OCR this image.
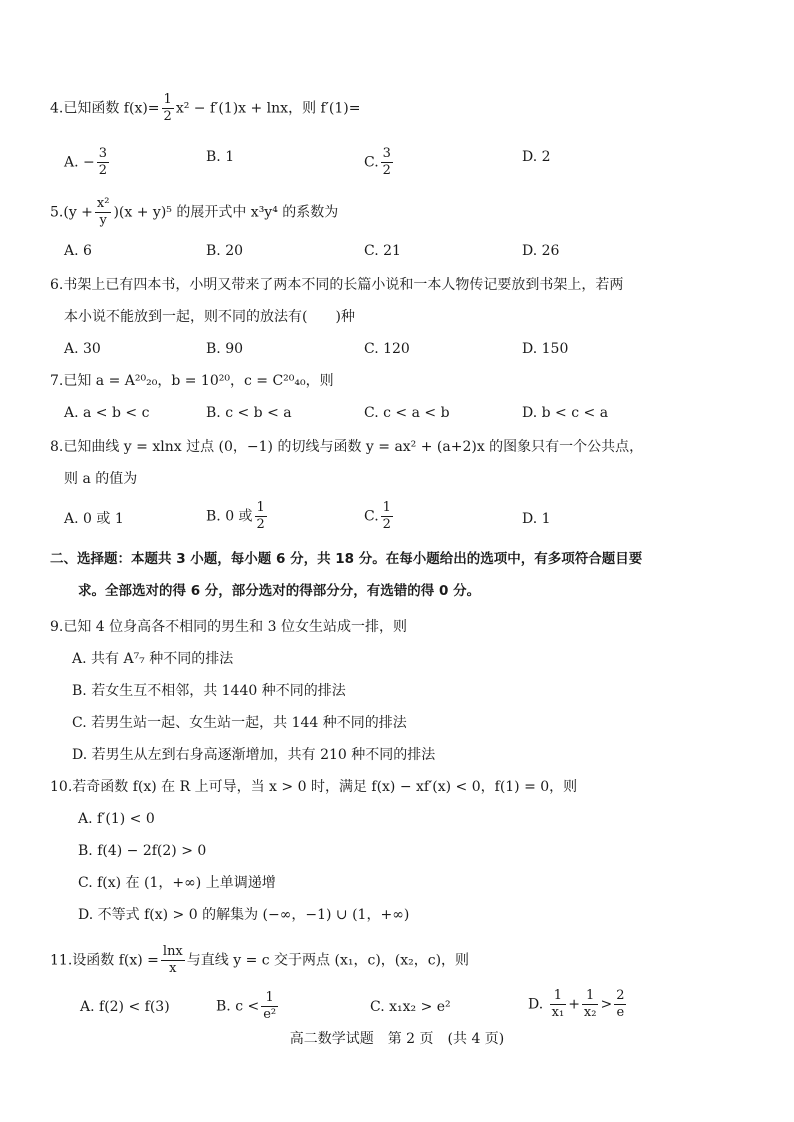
4.已知函数 $f(x)= \frac{1}{2} x^2 - f'(1)x + \ln x$，则 f′(1)=
A. − $\frac{3}{2}$	B. 1	C. $\frac{3}{2}$	D. 2
$5.(y + \frac{\text{x²}}{y} )(x + y)^5$ 的展开式中 x³y⁴ 的系数为
A. 6	B. 20	C. 21	D. 26
6.书架上已有四本书，小明又带来了两本不同的长篇小说和一本人物传记要放到书架上，若两
本小说不能放到一起，则不同的放法有(　　)种
A. 30	B. 90	C. 120	D. 150
7.已知 a = A²⁰₂₀，b = 10²⁰，c = C²⁰₄₀，则
A. a < b < c	B. c < b < a	C. c < a < b	D. b < c < a
8.已知曲线 y = xlnx 过点 (0，−1) 的切线与函数 y = ax² + (a+2)x 的图象只有一个公共点，
则 a 的值为
A. 0 或 1	B. 0 或 $\frac{1}{2}$	C. $\frac{1}{2}$	D. 1
二、选择题：本题共 3 小题，每小题 6 分，共 18 分。在每小题给出的选项中，有多项符合题目要
求。全部选对的得 6 分，部分选对的得部分分，有选错的得 0 分。
9.已知 4 位身高各不相同的男生和 3 位女生站成一排，则
A. 共有 A⁷₇ 种不同的排法
B. 若女生互不相邻，共 1440 种不同的排法
C. 若男生站一起、女生站一起，共 144 种不同的排法
D. 若男生从左到右身高逐渐增加，共有 210 种不同的排法
10.若奇函数 f(x) 在 R 上可导，当 x > 0 时，满足 f(x) − xf′(x) < 0，f(1) = 0，则
A. f′(1) < 0
B. f(4) − 2f(2) > 0
C. f(x) 在 (1，+∞) 上单调递增
D. 不等式 f(x) > 0 的解集为 (−∞，−1) ∪ (1，+∞)
11.设函数 $f(x) = \frac{\ln x}{x}$ 与直线 y = c 交于两点 (x₁，c)，(x₂，c)，则
A. f(2) < f(3)	B. $c < \frac{1}{\text{e²}}$	C. x₁x₂ > e²	D. $\frac{1}{\text{x₁}} + \frac{1}{\text{x₂}} > \frac{2}{e}$
高二数学试题　第 2 页　(共 4 页)
